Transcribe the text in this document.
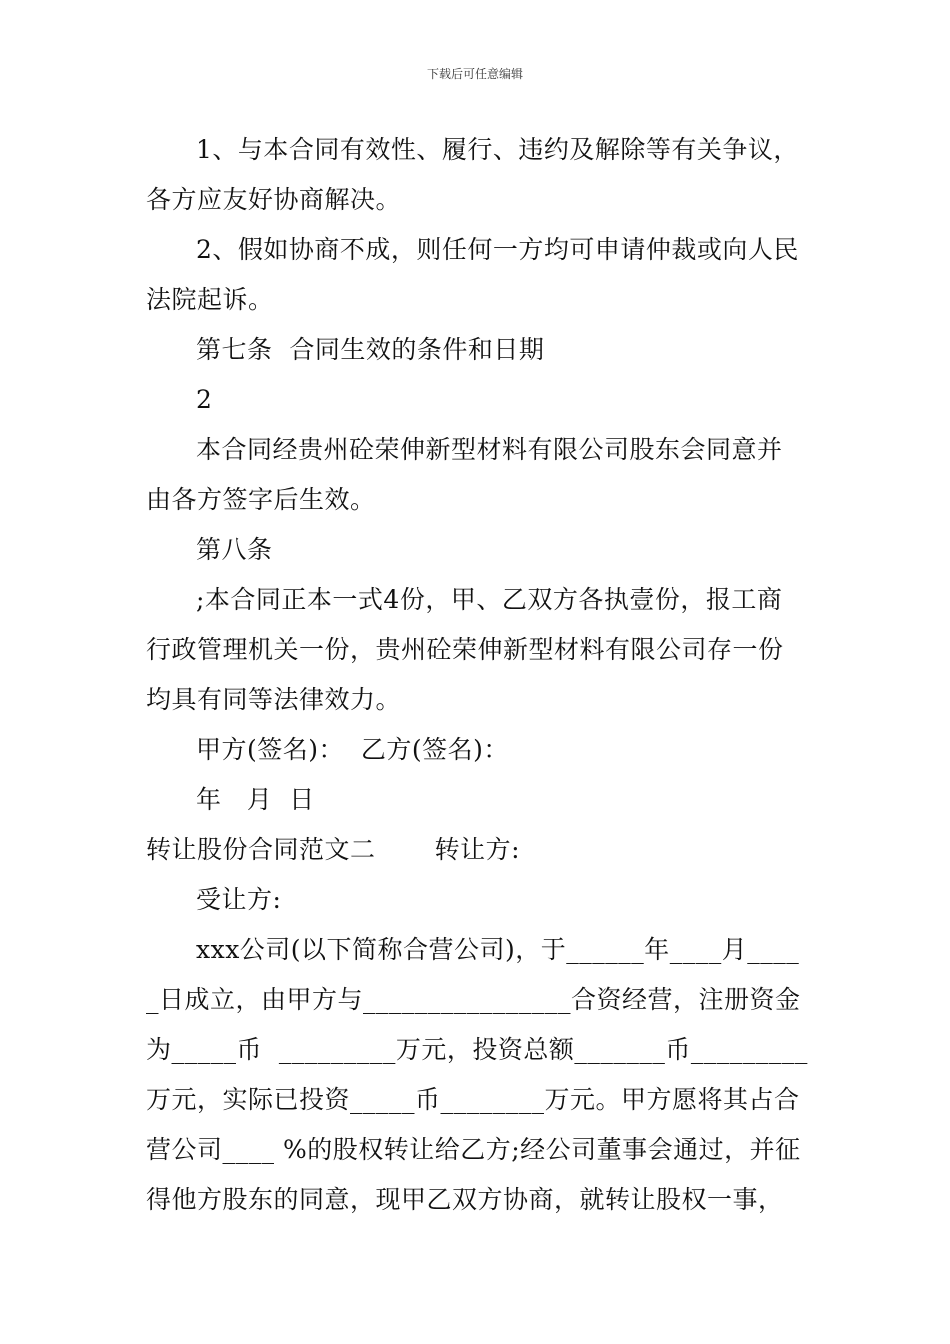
下载后可任意编辑
1、与本合同有效性、履行、违约及解除等有关争议，
各方应友好协商解决。
2、假如协商不成，则任何一方均可申请仲裁或向人民
法院起诉。
第七条  合同生效的条件和日期
2
本合同经贵州砼荣伸新型材料有限公司股东会同意并
由各方签字后生效。
第八条
;本合同正本一式4份，甲、乙双方各执壹份，报工商
行政管理机关一份，贵州砼荣伸新型材料有限公司存一份
均具有同等法律效力。
甲方(签名)：  乙方(签名)：
年   月  日
转让股份合同范文二       转让方:
受让方:
xxx公司(以下简称合营公司)，于______年____月____
_日成立，由甲方与________________合资经营，注册资金
为_____币  _________万元，投资总额_______币_________
万元，实际已投资_____币________万元。甲方愿将其占合
营公司____ %的股权转让给乙方;经公司董事会通过，并征
得他方股东的同意，现甲乙双方协商，就转让股权一事，
